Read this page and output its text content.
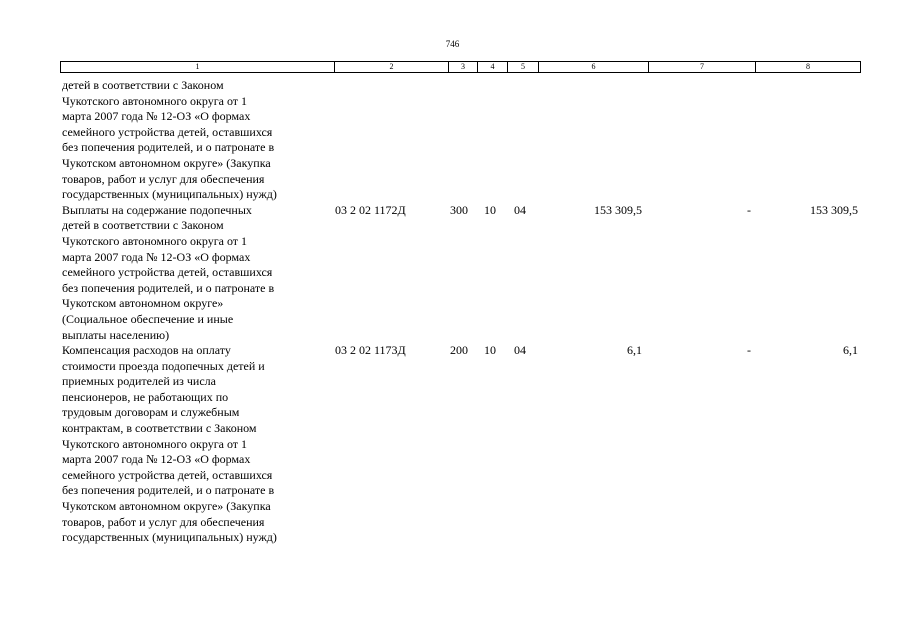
746
1	2	3	4	5	6	7	8
детей в соответствии с Законом
Чукотского автономного округа от 1
марта 2007 года № 12-ОЗ «О формах
семейного устройства детей, оставшихся
без попечения родителей, и о патронате в
Чукотском автономном округе» (Закупка
товаров, работ и услуг для обеспечения
государственных (муниципальных) нужд)
Выплаты на содержание подопечных
детей в соответствии с Законом
Чукотского автономного округа от 1
марта 2007 года № 12-ОЗ «О формах
семейного устройства детей, оставшихся
без попечения родителей, и о патронате в
Чукотском автономном округе»
(Социальное обеспечение и иные
выплаты населению)
03 2 02 1172Д	300 10 04	153 309,5	-	153 309,5
Компенсация расходов на оплату
стоимости проезда подопечных детей и
приемных родителей из числа
пенсионеров, не работающих по
трудовым договорам и служебным
контрактам, в соответствии с Законом
Чукотского автономного округа от 1
марта 2007 года № 12-ОЗ «О формах
семейного устройства детей, оставшихся
без попечения родителей, и о патронате в
Чукотском автономном округе» (Закупка
товаров, работ и услуг для обеспечения
государственных (муниципальных) нужд)
03 2 02 1173Д	200 10 04	6,1	-	6,1
